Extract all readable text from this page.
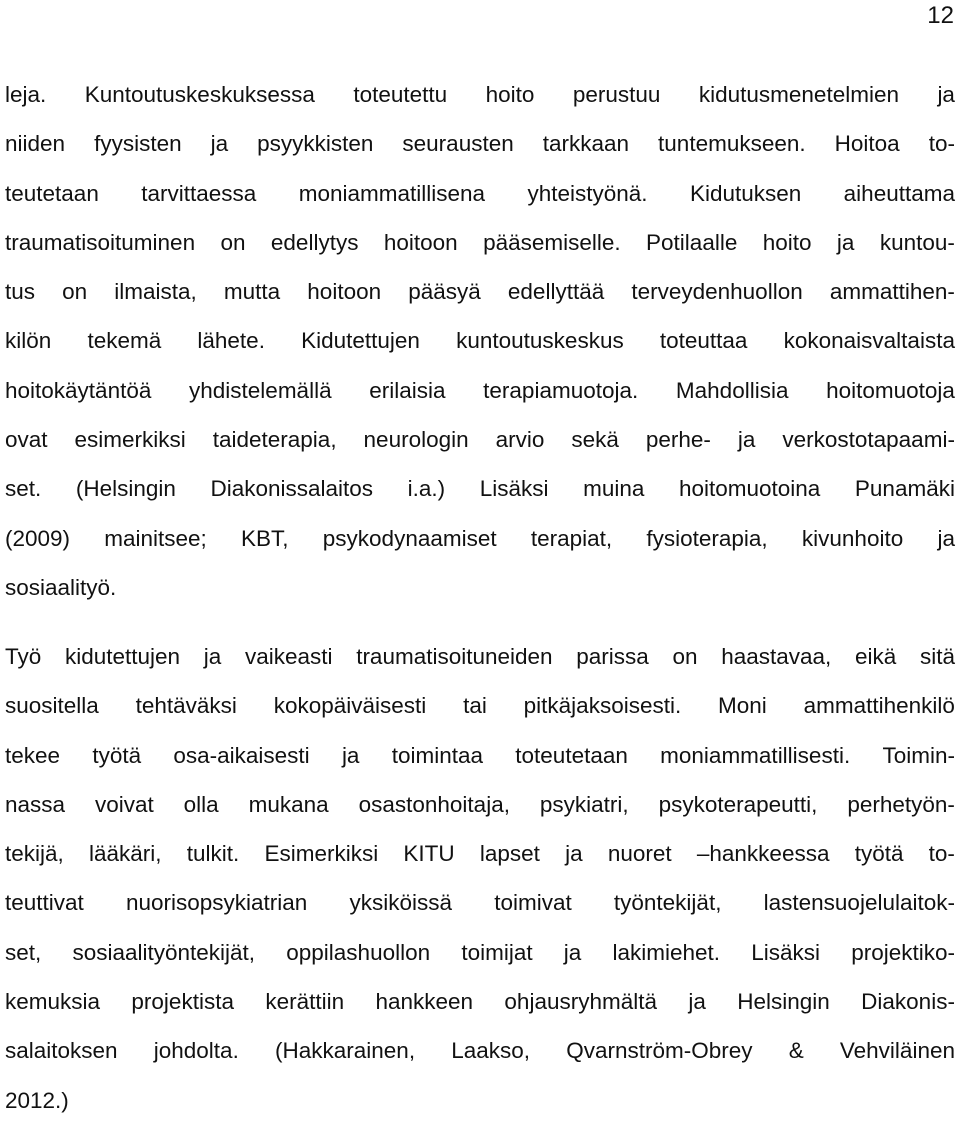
12
leja. Kuntoutuskeskuksessa toteutettu hoito perustuu kidutusmenetelmien ja
niiden fyysisten ja psyykkisten seurausten tarkkaan tuntemukseen. Hoitoa to-
teutetaan tarvittaessa moniammatillisena yhteistyönä. Kidutuksen aiheuttama
traumatisoituminen on edellytys hoitoon pääsemiselle. Potilaalle hoito ja kuntou-
tus on ilmaista, mutta hoitoon pääsyä edellyttää terveydenhuollon ammattihen-
kilön tekemä lähete. Kidutettujen kuntoutuskeskus toteuttaa kokonaisvaltaista
hoitokäytäntöä yhdistelemällä erilaisia terapiamuotoja. Mahdollisia hoitomuotoja
ovat esimerkiksi taideterapia, neurologin arvio sekä perhe- ja verkostotapaami-
set. (Helsingin Diakonissalaitos i.a.) Lisäksi muina hoitomuotoina Punamäki
(2009) mainitsee; KBT, psykodynaamiset terapiat, fysioterapia, kivunhoito ja
sosiaalityö.
Työ kidutettujen ja vaikeasti traumatisoituneiden parissa on haastavaa, eikä sitä
suositella tehtäväksi kokopäiväisesti tai pitkäjaksoisesti. Moni ammattihenkilö
tekee työtä osa-aikaisesti ja toimintaa toteutetaan moniammatillisesti. Toimin-
nassa voivat olla mukana osastonhoitaja, psykiatri, psykoterapeutti, perhetyön-
tekijä, lääkäri, tulkit. Esimerkiksi KITU lapset ja nuoret –hankkeessa työtä to-
teuttivat nuorisopsykiatrian yksiköissä toimivat työntekijät, lastensuojelulaitok-
set, sosiaalityöntekijät, oppilashuollon toimijat ja lakimiehet. Lisäksi projektiko-
kemuksia projektista kerättiin hankkeen ohjausryhmältä ja Helsingin Diakonis-
salaitoksen johdolta. (Hakkarainen, Laakso, Qvarnström-Obrey & Vehviläinen
2012.)
